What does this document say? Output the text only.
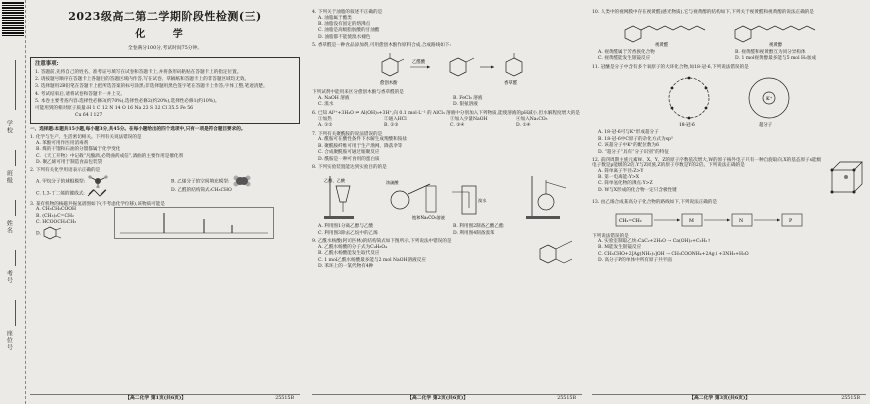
学校
班级
姓名
考号
座位号
2023级高二第二学期阶段性检测(三)
化 学
全卷满分100分,考试时间75分钟。
注意事项:
1. 答题前,先将自己的姓名、准考证号填写在试卷和答题卡上,并将条形码粘贴在答题卡上的指定位置。
2. 请按题号顺序在答题卡上各题目的答题区域内作答,写在试卷、草稿纸和答题卡上的非答题区域均无效。
3. 选择题用2B铅笔在答题卡上把所选答案的标号涂黑;非选择题用黑色签字笔在答题卡上作答;字体工整,笔迹清楚。
4. 考试结束后,请将试卷和答题卡一并上交。
5. 本卷主要考查内容:选择性必修3(约70%),选择性必修2(约20%),选择性必修1(约10%)。
可能用到的相对原子质量:H 1 C 12 N 14 O 16 Na 23 S 32 Cl 35.5 Fe 56
Cu 64 I 127
一、选择题:本题共15小题,每小题3分,共45分。在每小题给出的四个选项中,只有一项是符合题目要求的。
1. 化学与生产、生活密切相关。下列有关说法错误的是
A. 苯酚可用作医用消毒剂
B. 煤的干馏和石油的分馏都属于化学变化
C. 《天工开物》中记载“凡酿酒,必资曲药成信”,酒曲的主要作用是催化剂
D. 聚乙烯可用于制造食品包装袋
2. 下列有关化学用语表示正确的是
A. 甲烷分子的球棍模型:	B. 乙烯分子的空间填充模型:
C. 1,3-丁二烯的键线式:
D. 乙醛的结构简式:CH₃CHO
3. 某有机物的核磁共振氢谱图如下(不考虑化学位移),该物质可能是
A. CH₃CH₂COOH
B. (CH₃)₂C=CH₂
C. HCOOCH₂CH₃
D.
【高二化学 第1页(共6页)】	25515B
4. 下列关于油脂的叙述不正确的是
A. 油脂属于酯类
B. 油脂没有固定的熔沸点
C. 油脂是高级脂肪酸的甘油酯
D. 油脂都不能使溴水褪色
5. 香草醛是一种食品添加剂,可用愈创木酚作原料合成,合成路线如下:
愈创木酚
乙醛酸
香草醛
下列试剂中能用来区分愈创木酚与香草醛的是
A. NaOH 溶液	B. FeCl₃ 溶液
C. 溴水	D. 银氨溶液
6. 已知 Al³⁺+3H₂O ⇌ Al(OH)₃+3H⁺,向 0.1 mol·L⁻¹ 的 AlCl₃ 溶液中分别加入下列物质,能使溶液的pH减小,但水解程度增大的是
①加热	②通入HCl	③加入少量NaOH	④加入Na₂CO₃
A. ①②	B. ②③	C. ③④	D. ①④
7. 下列有关聚酰胺的说法错误的是
A. 酰胺可在酸性条件下水解生成羧酸和铵盐
B. 聚酰胺纤维可用于生产渔网、降落伞等
C. 合成聚酰胺可通过缩聚反应
D. 酰胺是一种可食用的蛋白质
8. 下列实验装置能达到实验目的的是
乙醇、乙酸	浓硫酸
饱和Na₂CO₃溶液
溴水
A. 利用图1分离乙醇与乙酸	B. 利用图2制备乙酸乙酯
C. 利用图3除去乙烷中的乙烯	D. 利用图4制备溴苯
9. 乙酰水杨酸(阿司匹林)的结构简式如下图所示,下列说法中错误的是
A. 乙酰水杨酸的分子式为C₉H₈O₄
B. 乙酰水杨酸能发生取代反应
C. 1 mol乙酰水杨酸最多能与2 mol NaOH溶液反应
D. 苯环上的一氯代物有4种
【高二化学 第2页(共6页)】	25515B
10. 人类中的视网膜中存在视黄醛(感光物质),它与视黄醇的结构如下,下列关于视黄醛和视黄醇的说法正确的是
视黄醛	视黄醇
A. 视黄醛属于芳香族化合物	B. 视黄醛和视黄醇互为同分异构体
C. 视黄醛能发生银镜反应	D. 1 mol视黄醇最多能与5 mol H₂加成
11. 冠醚是分子中含有多个氧原子的大环化合物,如18-冠-6,下列说法错误的是
18-冠-6
K⁺
超分子
A. 18-冠-6可与K⁺形成超分子
B. 18-冠-6中C原子的杂化方式为sp³
C. 该超分子中K⁺的配位数为6
D. “超分子”具有“分子识别”的特征
12. 前四周期主族元素W、X、Y、Z的原子序数依次增大,W的原子核外电子只有一种自旋取向,X的基态原子s能级电子数是p能级的2倍,Y与Z同族,Z的原子序数是Y的2倍。下列说法正确的是
A. 简单离子半径:Z>Y
B. 第一电离能:Y>X
C. 简单氢化物的沸点:Y>Z
D. W与X形成的化合物一定只含极性键
13. 由乙烯合成某高分子化合物的路线如下,下列说法正确的是
CH₂=CH₂	M	N	P
下列说法错误的是
A. 实验室制取乙炔:CaC₂+2H₂O → Ca(OH)₂+C₂H₂↑
B. M能发生银镜反应
C. CH₃CHO+2[Ag(NH₃)₂]OH → CH₃COONH₄+2Ag↓+3NH₃+H₂O
D. 高分子P的单体中所有原子共平面
【高二化学 第3页(共6页)】	25515B
